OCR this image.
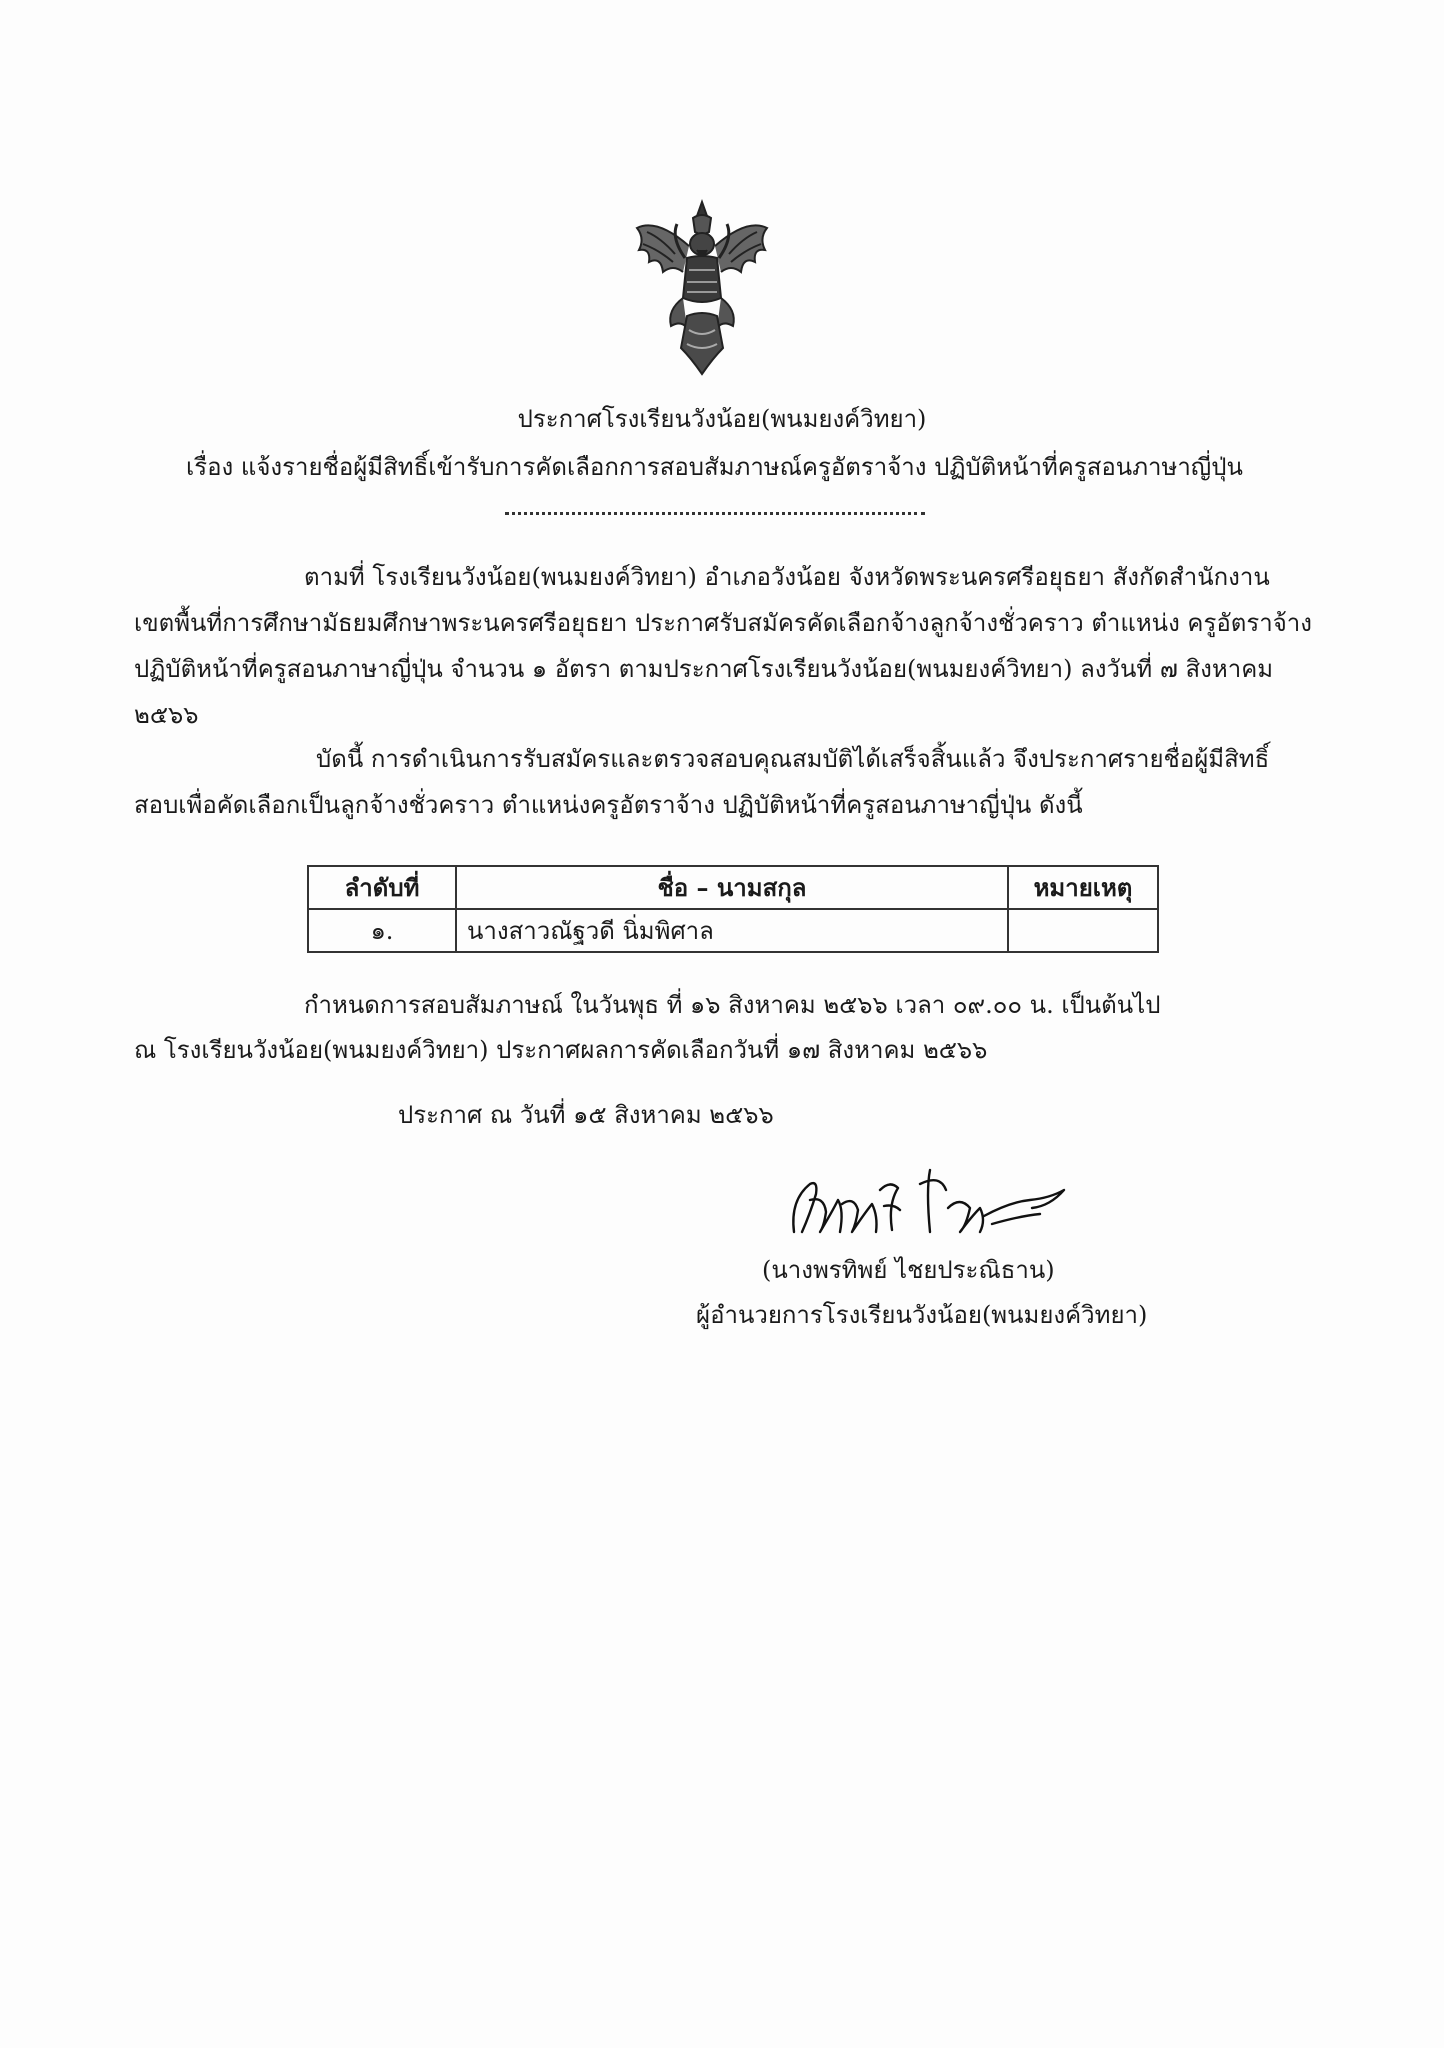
ประกาศโรงเรียนวังน้อย(พนมยงค์วิทยา)
เรื่อง แจ้งรายชื่อผู้มีสิทธิ์เข้ารับการคัดเลือกการสอบสัมภาษณ์ครูอัตราจ้าง ปฏิบัติหน้าที่ครูสอนภาษาญี่ปุ่น
ตามที่ โรงเรียนวังน้อย(พนมยงค์วิทยา) อำเภอวังน้อย จังหวัดพระนครศรีอยุธยา สังกัดสำนักงาน
เขตพื้นที่การศึกษามัธยมศึกษาพระนครศรีอยุธยา ประกาศรับสมัครคัดเลือกจ้างลูกจ้างชั่วคราว ตำแหน่ง ครูอัตราจ้าง
ปฏิบัติหน้าที่ครูสอนภาษาญี่ปุ่น จำนวน ๑ อัตรา ตามประกาศโรงเรียนวังน้อย(พนมยงค์วิทยา) ลงวันที่ ๗ สิงหาคม
๒๕๖๖
บัดนี้ การดำเนินการรับสมัครและตรวจสอบคุณสมบัติได้เสร็จสิ้นแล้ว จึงประกาศรายชื่อผู้มีสิทธิ์
สอบเพื่อคัดเลือกเป็นลูกจ้างชั่วคราว ตำแหน่งครูอัตราจ้าง ปฏิบัติหน้าที่ครูสอนภาษาญี่ปุ่น ดังนี้
ลำดับที่	ชื่อ – นามสกุล	หมายเหตุ
๑.	นางสาวณัฐวดี นิ่มพิศาล	
กำหนดการสอบสัมภาษณ์ ในวันพุธ ที่ ๑๖ สิงหาคม ๒๕๖๖ เวลา ๐๙.๐๐ น. เป็นต้นไป
ณ โรงเรียนวังน้อย(พนมยงค์วิทยา) ประกาศผลการคัดเลือกวันที่ ๑๗ สิงหาคม ๒๕๖๖
ประกาศ ณ วันที่ ๑๕ สิงหาคม ๒๕๖๖
(นางพรทิพย์ ไชยประณิธาน)
ผู้อำนวยการโรงเรียนวังน้อย(พนมยงค์วิทยา)
